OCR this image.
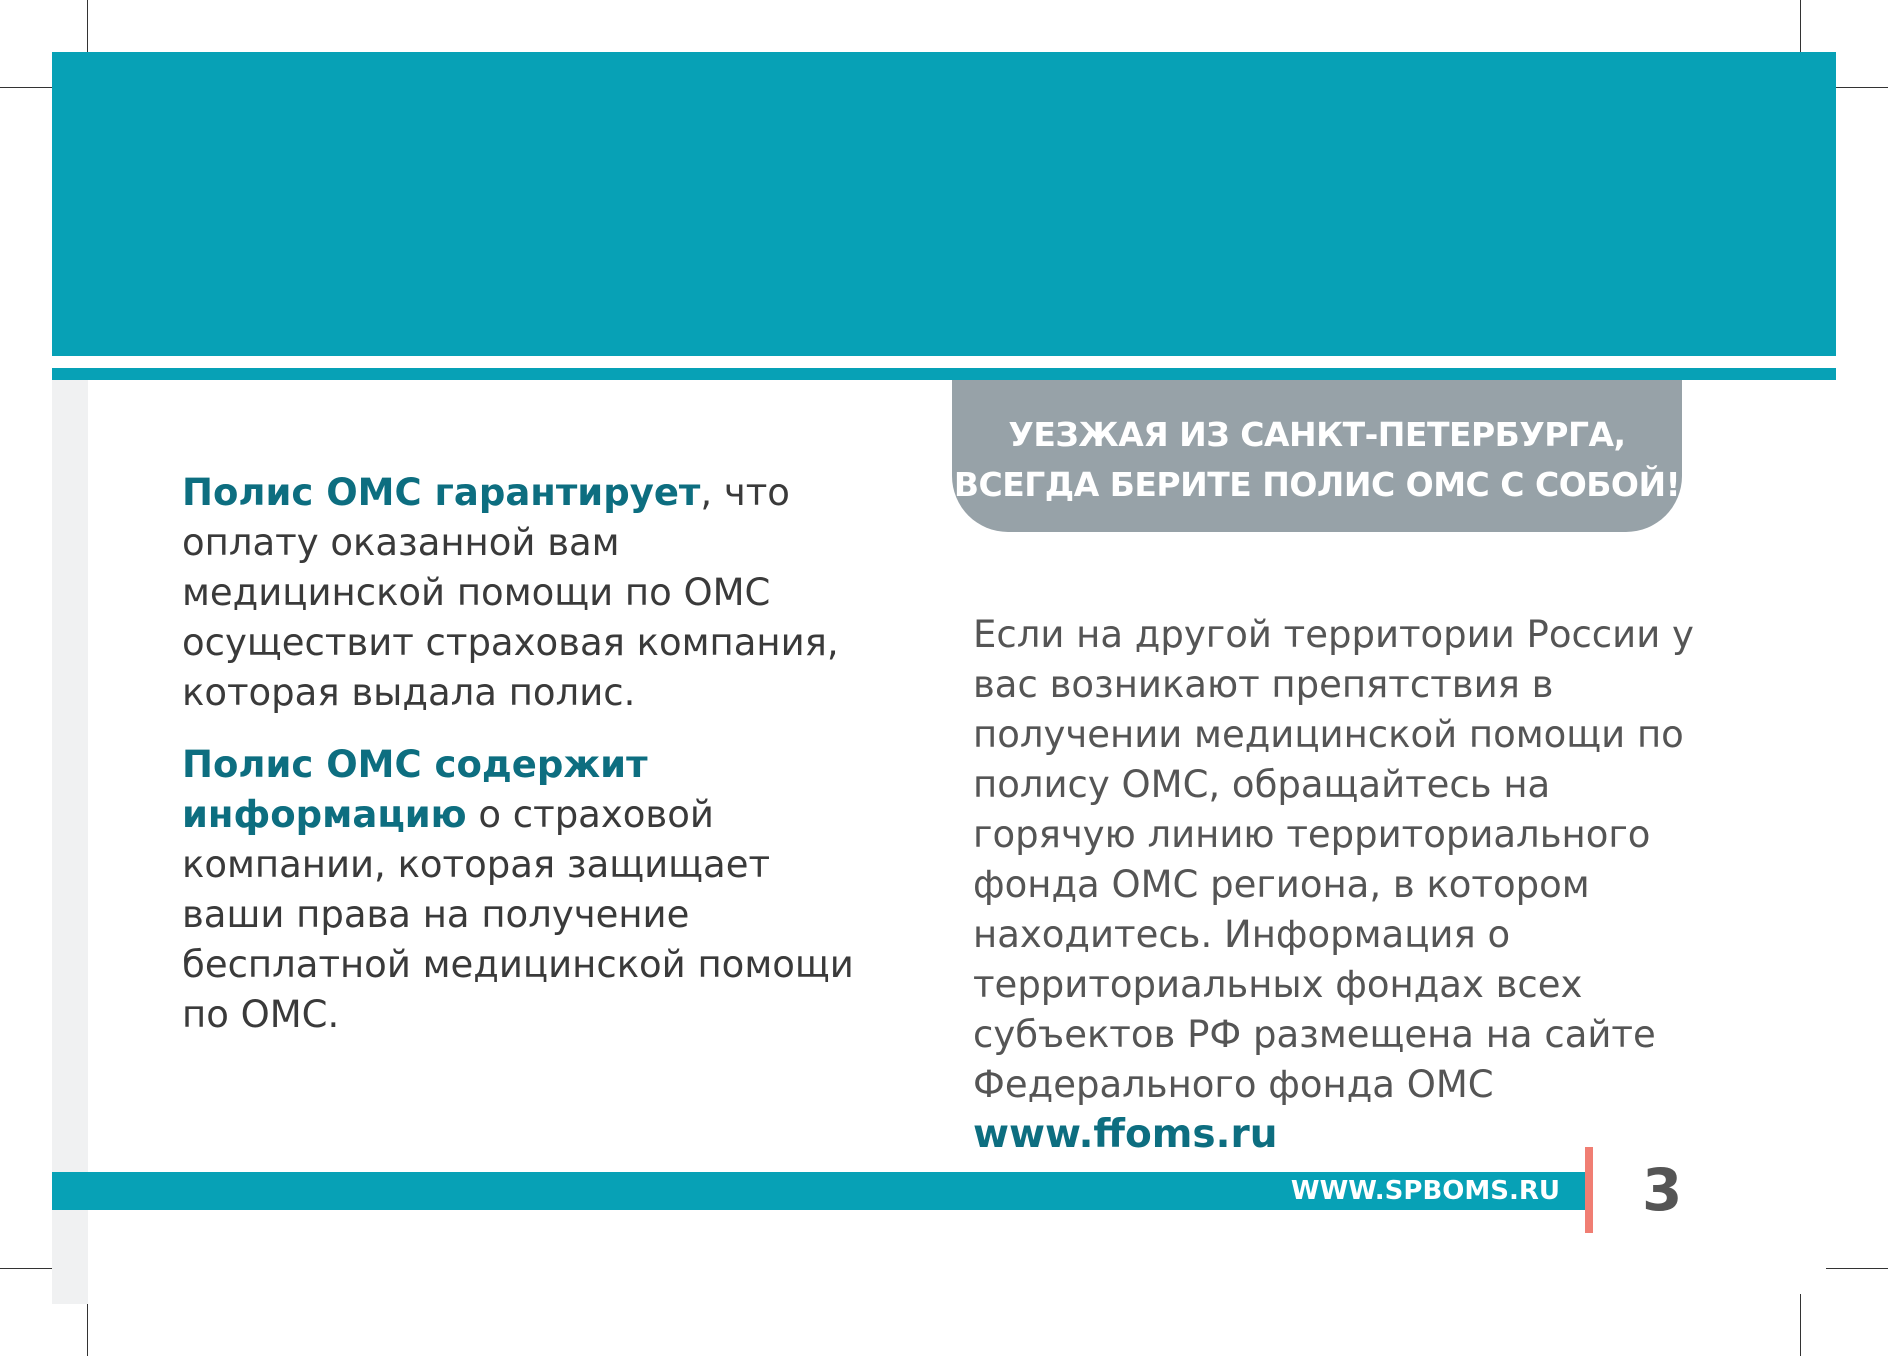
Полис ОМС гарантирует, что оплату оказанной вам медицинской помощи по ОМС осуществит страховая компания, которая выдала полис.

Полис ОМС содержит информацию о страховой компании, которая защищает ваши права на получение бесплатной медицинской помощи по ОМС.

УЕЗЖАЯ ИЗ САНКТ-ПЕТЕРБУРГА,
ВСЕГДА БЕРИТЕ ПОЛИС ОМС С СОБОЙ!
Если на другой территории России у вас возникают препятствия в получении медицинской помощи по полису ОМС, обращайтесь на горячую линию территориального фонда ОМС региона, в котором находитесь. Информация о территориальных фондах всех субъектов РФ размещена на сайте Федерального фонда ОМС
www.ffoms.ru
WWW.SPBOMS.RU 3
